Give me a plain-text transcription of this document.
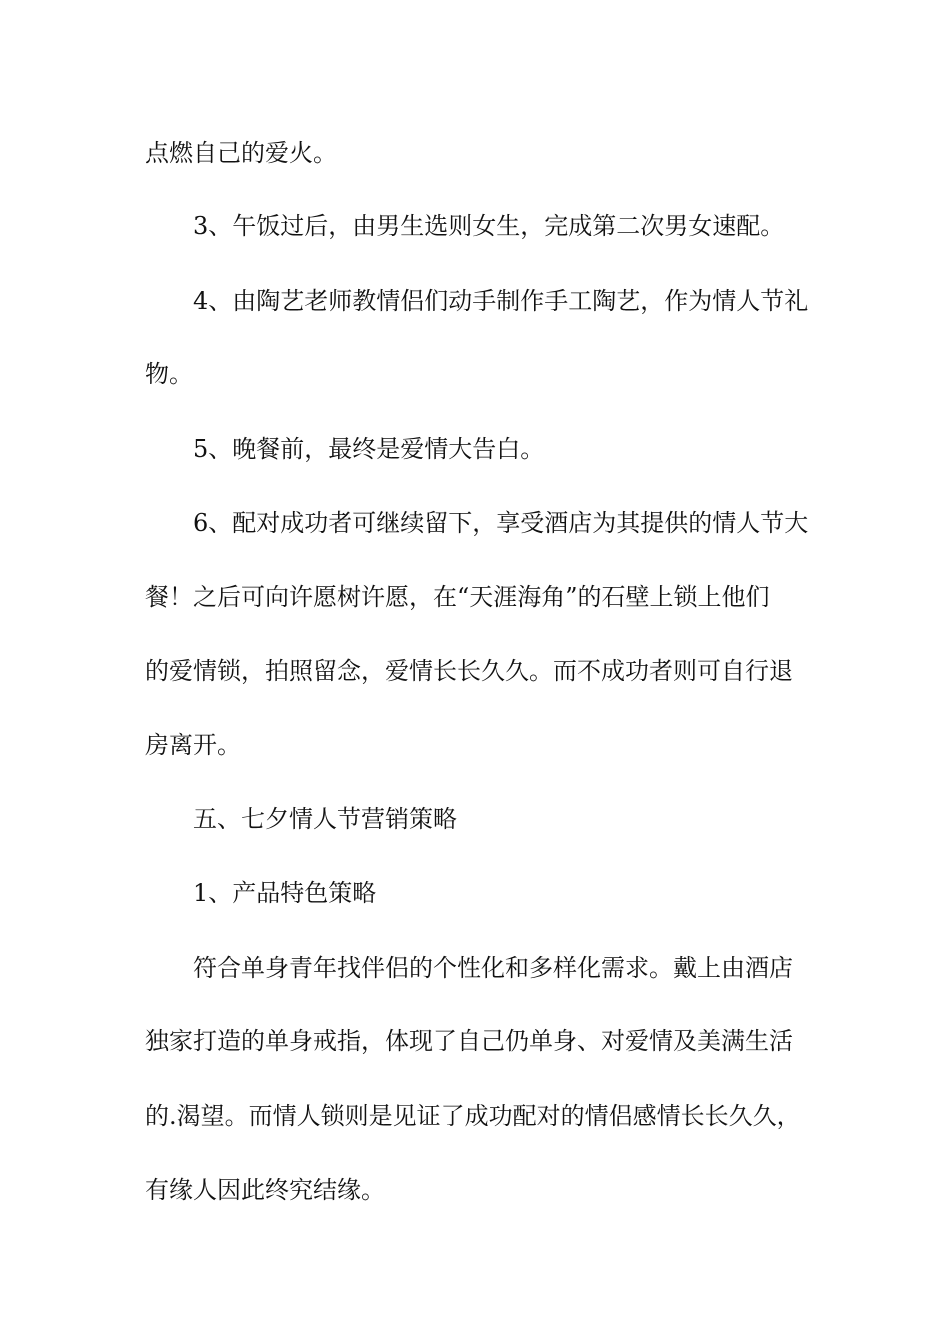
点燃自己的爱火。
3、午饭过后，由男生选则女生，完成第二次男女速配。
4、由陶艺老师教情侣们动手制作手工陶艺，作为情人节礼
物。
5、晚餐前，最终是爱情大告白。
6、配对成功者可继续留下，享受酒店为其提供的情人节大
餐！之后可向许愿树许愿，在“天涯海角”的石壁上锁上他们
的爱情锁，拍照留念，爱情长长久久。而不成功者则可自行退
房离开。
五、七夕情人节营销策略
1、产品特色策略
符合单身青年找伴侣的个性化和多样化需求。戴上由酒店
独家打造的单身戒指，体现了自己仍单身、对爱情及美满生活
的.渴望。而情人锁则是见证了成功配对的情侣感情长长久久，
有缘人因此终究结缘。
